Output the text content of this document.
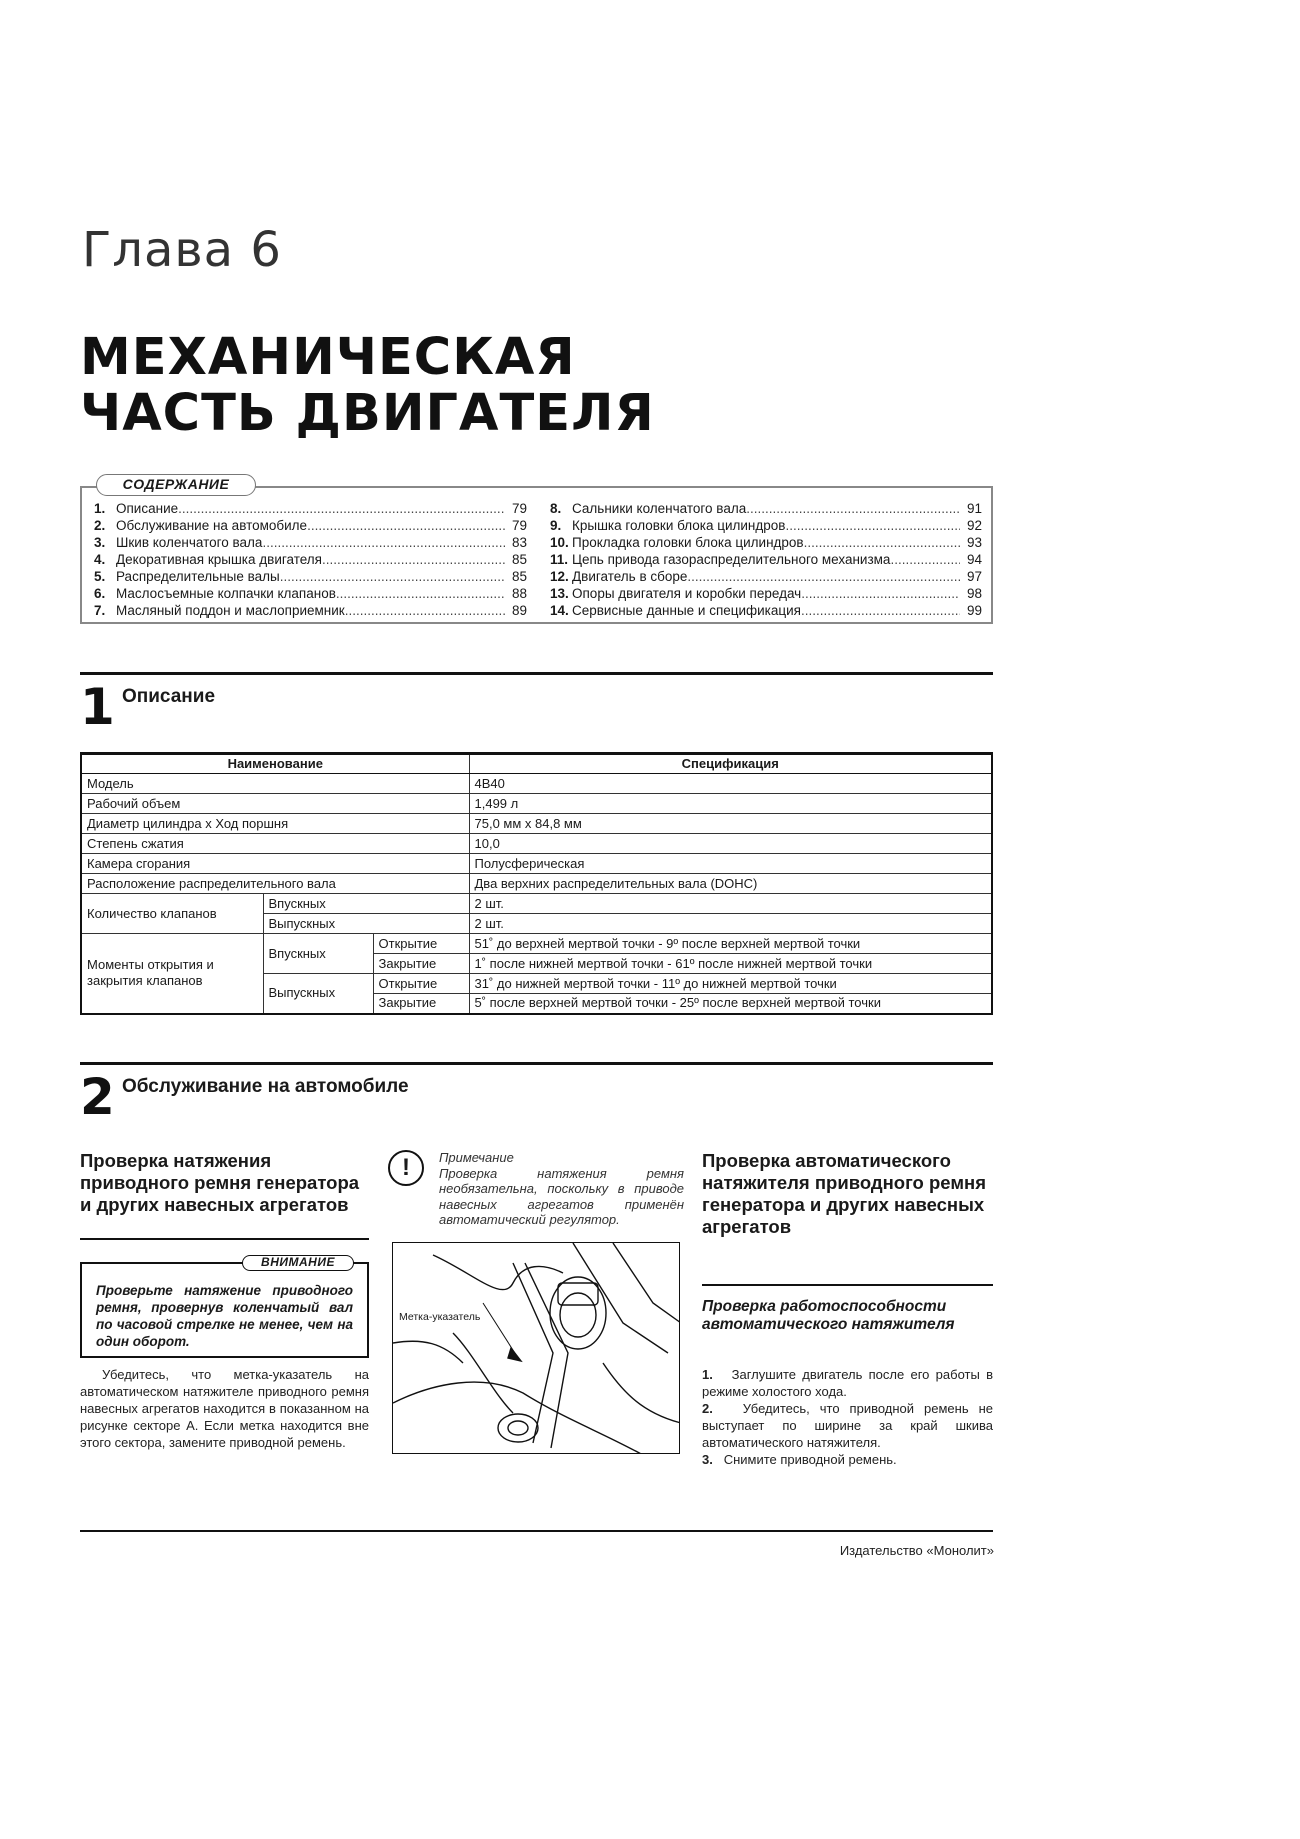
Глава 6
МЕХАНИЧЕСКАЯ
ЧАСТЬ ДВИГАТЕЛЯ
1. Описание .....	79
2. Обслуживание на автомобиле .....	79
3. Шкив коленчатого вала .....	83
4. Декоративная крышка двигателя .....	85
5. Распределительные валы .....	85
6. Маслосъемные колпачки клапанов .....	88
7. Масляный поддон и маслоприемник .....	89
8. Сальники коленчатого вала .....	91
9. Крышка головки блока цилиндров .....	92
10. Прокладка головки блока цилиндров .....	93
11. Цепь привода газораспределительного механизма .....	94
12. Двигатель в сборе .....	97
13. Опоры двигателя и коробки передач .....	98
14. Сервисные данные и спецификация .....	99
СОДЕРЖАНИЕ
1 Описание
Наименование			Спецификация
Модель			4B40
Рабочий объем			1,499 л
Диаметр цилиндра х Ход поршня			75,0 мм х 84,8 мм
Степень сжатия			10,0
Камера сгорания			Полусферическая
Расположение распределительного вала			Два верхних распределительных вала (DOHC)
Количество клапанов	Впускных		2 шт.
	Выпускных		2 шт.
Моменты открытия и закрытия клапанов	Впускных	Открытие	51˚ до верхней мертвой точки - 9º после верхней мертвой точки
		Закрытие	1˚ после нижней мертвой точки - 61º после нижней мертвой точки
	Выпускных	Открытие	31˚ до нижней мертвой точки - 11º до нижней мертвой точки
		Закрытие	5˚ после верхней мертвой точки - 25º после верхней мертвой точки
2 Обслуживание на автомобиле
Проверка натяжения приводного ремня генератора и других навесных агрегатов
Проверьте натяжение приводного ремня, провернув коленчатый вал по часовой стрелке не менее, чем на один оборот.
ВНИМАНИЕ
Убедитесь, что метка-указатель на автоматическом натяжителе приводного ремня навесных агрегатов находится в показанном на рисунке секторе А. Если метка находится вне этого сектора, замените приводной ремень.
!	Примечание
Проверка натяжения ремня необязательна, поскольку в приводе навесных агрегатов применён автоматический регулятор.
Метка-указатель
Проверка автоматического натяжителя приводного ремня генератора и других навесных агрегатов
Проверка работоспособности автоматического натяжителя
1. Заглушите двигатель после его работы в режиме холостого хода.
2. Убедитесь, что приводной ремень не выступает по ширине за край шкива автоматического натяжителя.
3. Снимите приводной ремень.
Издательство «Монолит»
